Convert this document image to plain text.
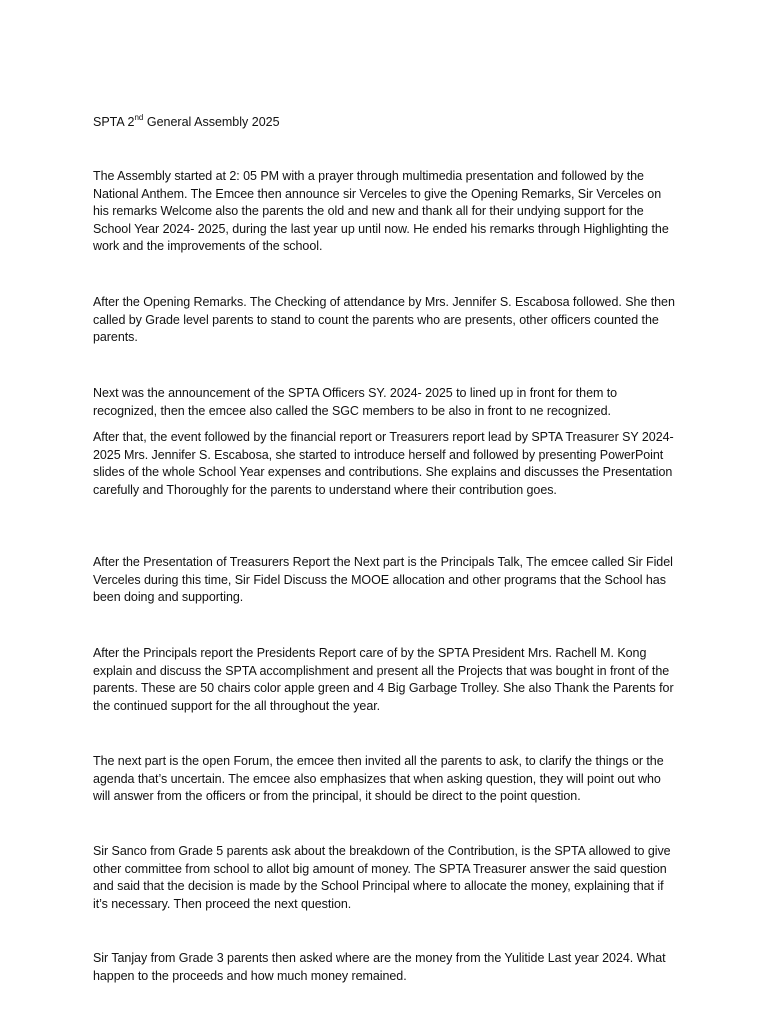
SPTA 2nd General Assembly 2025

The Assembly started at 2: 05 PM with a prayer through multimedia presentation and followed by the National Anthem. The Emcee then announce sir Verceles to give the Opening Remarks, Sir Verceles on his remarks Welcome also the parents the old and new and thank all for their undying support for the School Year 2024- 2025, during the last year up until now. He ended his remarks through Highlighting the work and the improvements of the school.

After the Opening Remarks. The Checking of attendance by Mrs. Jennifer S. Escabosa followed. She then called by Grade level parents to stand to count the parents who are presents, other officers counted the parents.

Next was the announcement of the SPTA Officers SY. 2024- 2025 to lined up in front for them to recognized, then the emcee also called the SGC members to be also in front to ne recognized.

After that, the event followed by the financial report or Treasurers report lead by SPTA Treasurer SY 2024- 2025 Mrs. Jennifer S. Escabosa, she started to introduce herself and followed by presenting PowerPoint slides of the whole School Year expenses and contributions. She explains and discusses the Presentation carefully and Thoroughly for the parents to understand where their contribution goes.

After the Presentation of Treasurers Report the Next part is the Principals Talk, The emcee called Sir Fidel Verceles during this time, Sir Fidel Discuss the MOOE allocation and other programs that the School has been doing and supporting.

After the Principals report the Presidents Report care of by the SPTA President Mrs. Rachell M. Kong explain and discuss the SPTA accomplishment and present all the Projects that was bought in front of the parents. These are 50 chairs color apple green and 4 Big Garbage Trolley. She also Thank the Parents for the continued support for the all throughout the year.

The next part is the open Forum, the emcee then invited all the parents to ask, to clarify the things or the agenda that’s uncertain. The emcee also emphasizes that when asking question, they will point out who will answer from the officers or from the principal, it should be direct to the point question.

Sir Sanco from Grade 5 parents ask about the breakdown of the Contribution, is the SPTA allowed to give other committee from school to allot big amount of money. The SPTA Treasurer answer the said question and said that the decision is made by the School Principal where to allocate the money, explaining that if it’s necessary. Then proceed the next question.

Sir Tanjay from Grade 3 parents then asked where are the money from the Yulitide Last year 2024. What happen to the proceeds and how much money remained.
